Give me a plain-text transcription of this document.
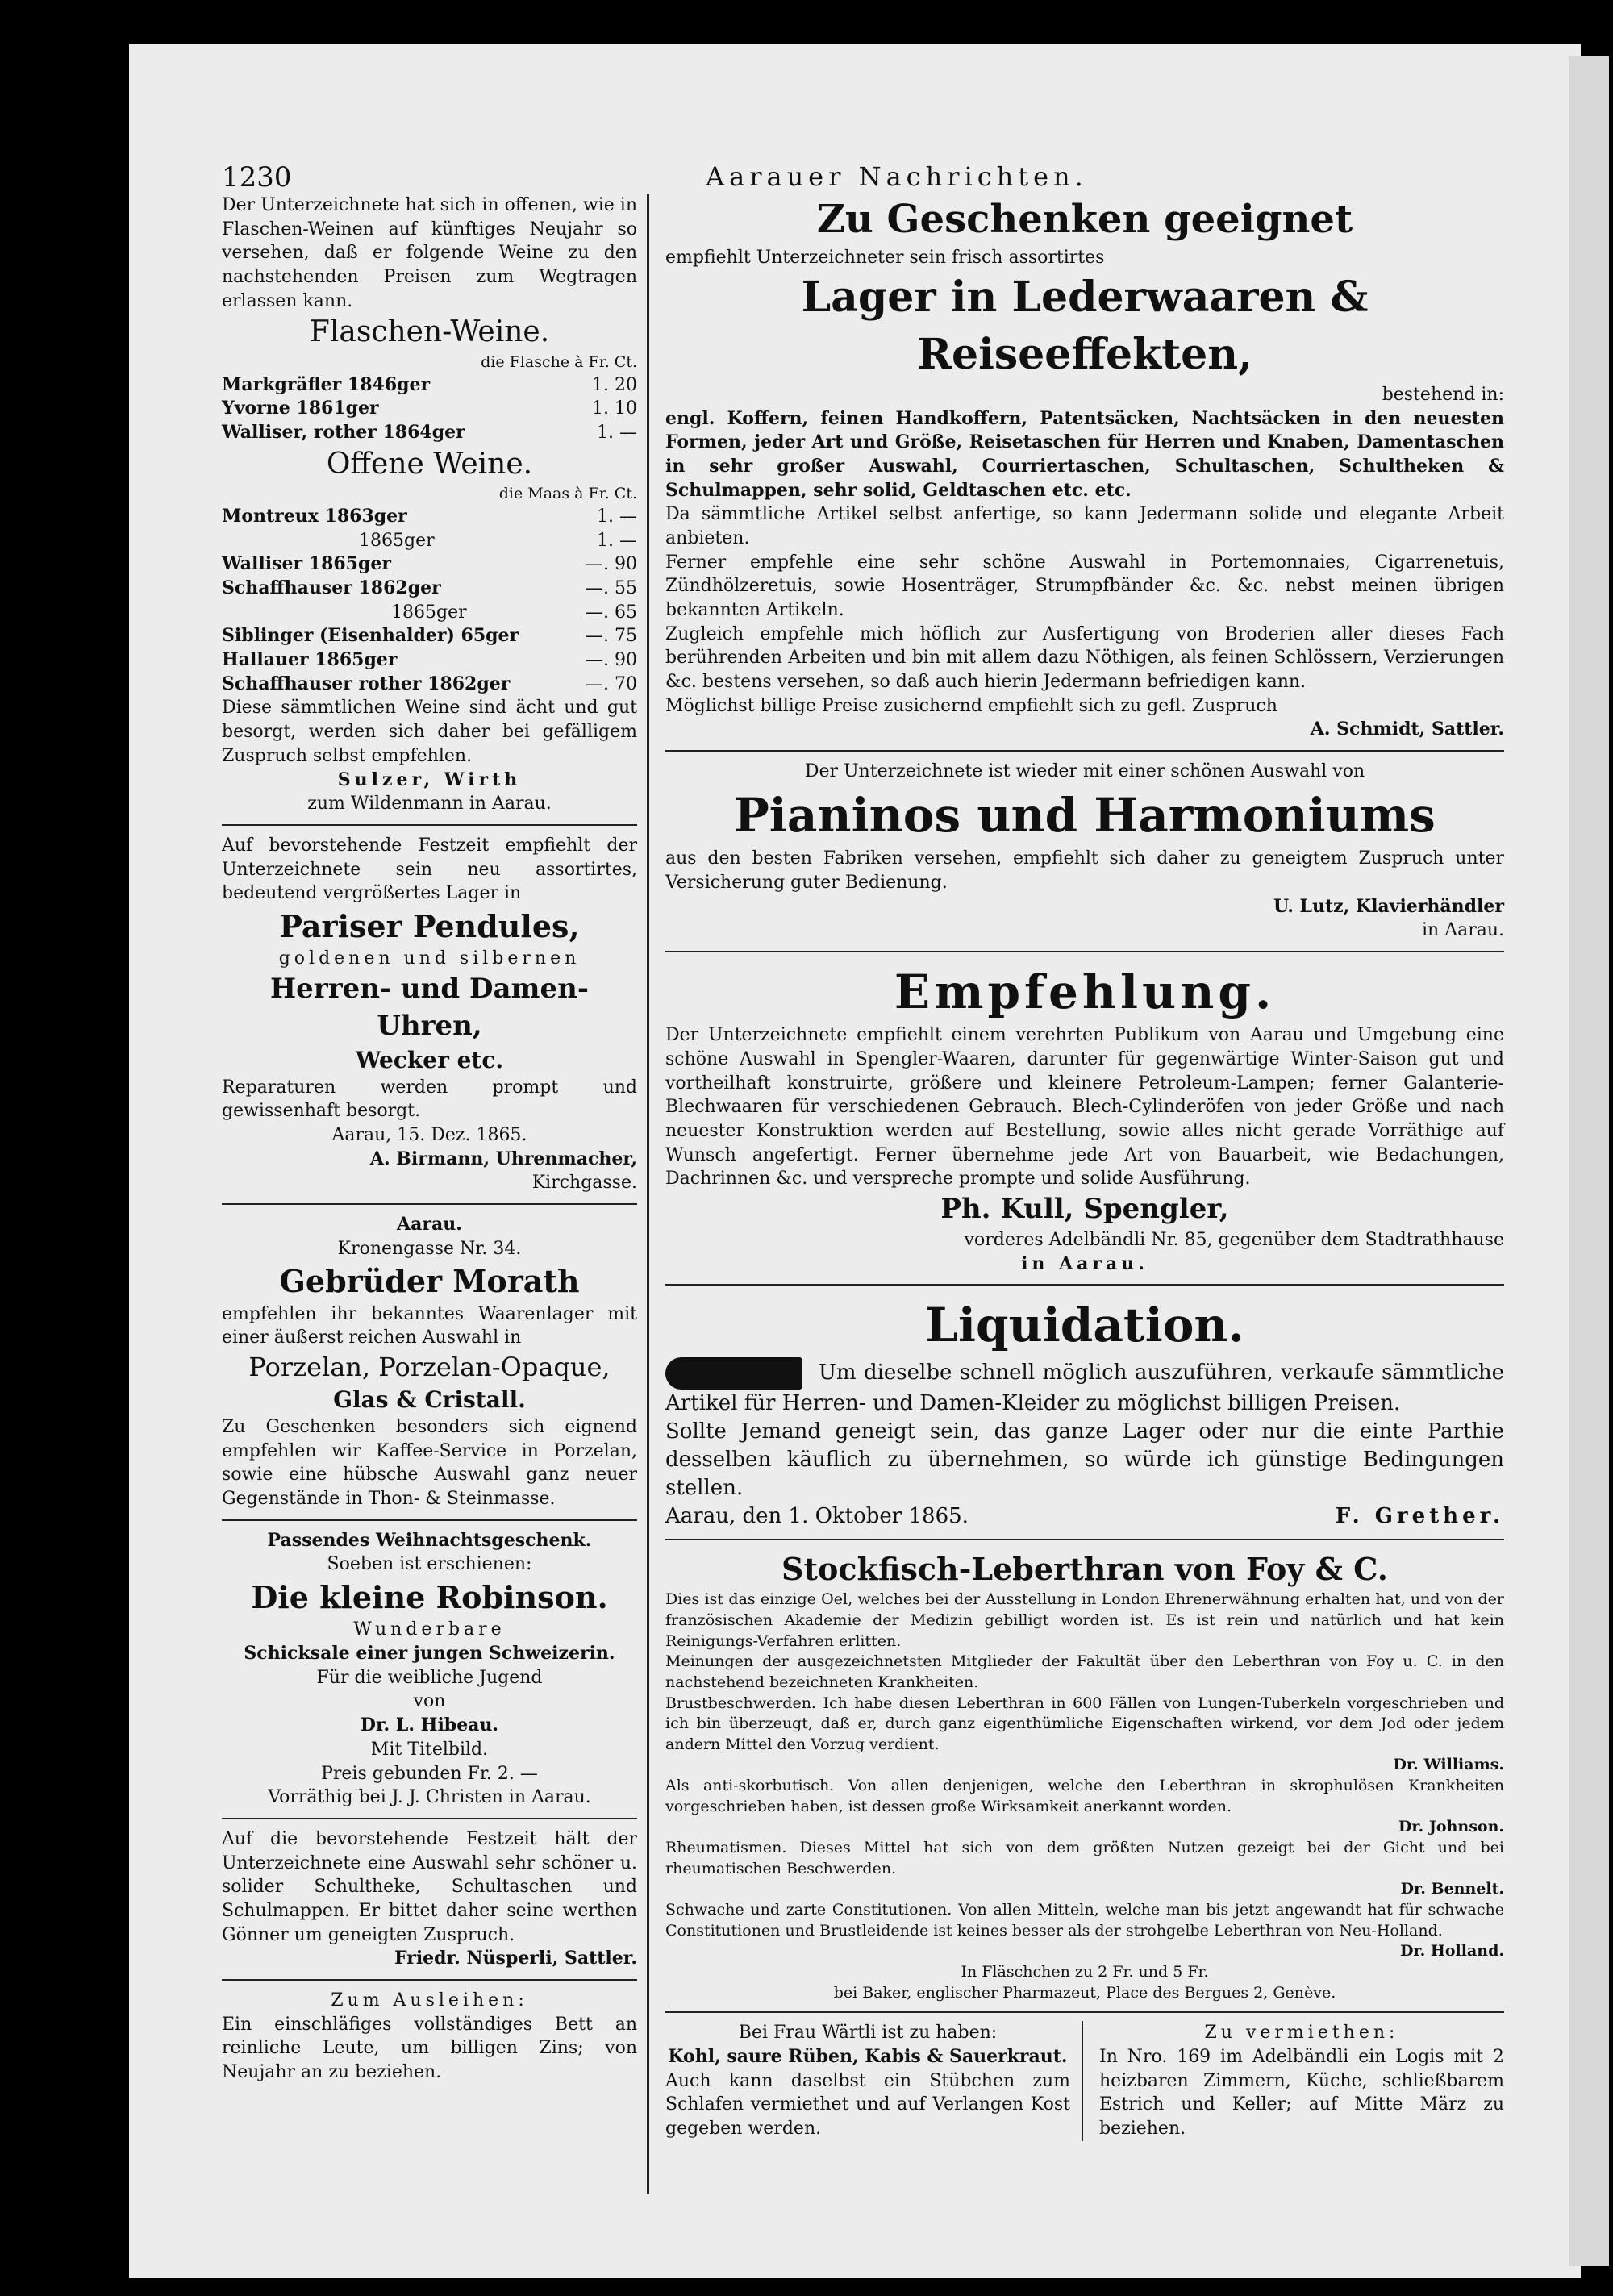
1230	Aarauer Nachrichten.

Der Unterzeichnete hat sich in offenen, wie in Flaschen-Weinen auf künftiges Neujahr so versehen, daß er folgende Weine zu den nachstehenden Preisen zum Wegtragen erlassen kann.

Flaschen-Weine.

die Flasche à Fr. Ct.

Markgräfler 1846ger	1. 20
Yvorne 1861ger	1. 10
Walliser, rother 1864ger	1. —

Offene Weine.

die Maas à Fr. Ct.

Montreux 1863ger	1. —
1865ger	1. —
Walliser 1865ger	—. 90
Schaffhauser 1862ger	—. 55
1865ger	—. 65
Siblinger (Eisenhalder) 65ger	—. 75
Hallauer 1865ger	—. 90
Schaffhauser rother 1862ger	—. 70

Diese sämmtlichen Weine sind ächt und gut besorgt, werden sich daher bei gefälligem Zuspruch selbst empfehlen.

Sulzer, Wirth

zum Wildenmann in Aarau.

Auf bevorstehende Festzeit empfiehlt der Unterzeichnete sein neu assortirtes, bedeutend vergrößertes Lager in

Pariser Pendules,

goldenen und silbernen

Herren- und Damen-Uhren,

Wecker etc.

Reparaturen werden prompt und gewissenhaft besorgt.

Aarau, 15. Dez. 1865.

A. Birmann, Uhrenmacher,

Kirchgasse.

Aarau.

Kronengasse Nr. 34.

Gebrüder Morath

empfehlen ihr bekanntes Waarenlager mit einer äußerst reichen Auswahl in

Porzelan, Porzelan-Opaque,

Glas & Cristall.

Zu Geschenken besonders sich eignend empfehlen wir Kaffee-Service in Porzelan, sowie eine hübsche Auswahl ganz neuer Gegenstände in Thon- & Steinmasse.

Passendes Weihnachtsgeschenk.

Soeben ist erschienen:

Die kleine Robinson.

Wunderbare

Schicksale einer jungen Schweizerin.

Für die weibliche Jugend

von

Dr. L. Hibeau.

Mit Titelbild.

Preis gebunden Fr. 2. —

Vorräthig bei J. J. Christen in Aarau.

Auf die bevorstehende Festzeit hält der Unterzeichnete eine Auswahl sehr schöner u. solider Schultheke, Schultaschen und Schulmappen. Er bittet daher seine werthen Gönner um geneigten Zuspruch.

Friedr. Nüsperli, Sattler.

Zum Ausleihen:

Ein einschläfiges vollständiges Bett an reinliche Leute, um billigen Zins; von Neujahr an zu beziehen.

Zu Geschenken geeignet

empfiehlt Unterzeichneter sein frisch assortirtes

Lager in Lederwaaren & Reiseeffekten,

bestehend in:

engl. Koffern, feinen Handkoffern, Patentsäcken, Nachtsäcken in den neuesten Formen, jeder Art und Größe, Reisetaschen für Herren und Knaben, Damentaschen in sehr großer Auswahl, Courriertaschen, Schultaschen, Schultheken & Schulmappen, sehr solid, Geldtaschen etc. etc.

Da sämmtliche Artikel selbst anfertige, so kann Jedermann solide und elegante Arbeit anbieten.

Ferner empfehle eine sehr schöne Auswahl in Portemonnaies, Cigarrenetuis, Zündhölzeretuis, sowie Hosenträger, Strumpfbänder &c. &c. nebst meinen übrigen bekannten Artikeln.

Zugleich empfehle mich höflich zur Ausfertigung von Broderien aller dieses Fach berührenden Arbeiten und bin mit allem dazu Nöthigen, als feinen Schlössern, Verzierungen &c. bestens versehen, so daß auch hierin Jedermann befriedigen kann.

Möglichst billige Preise zusichernd empfiehlt sich zu gefl. Zuspruch

A. Schmidt, Sattler.

Der Unterzeichnete ist wieder mit einer schönen Auswahl von

Pianinos und Harmoniums

aus den besten Fabriken versehen, empfiehlt sich daher zu geneigtem Zuspruch unter Versicherung guter Bedienung.

U. Lutz, Klavierhändler

in Aarau.

Empfehlung.

Der Unterzeichnete empfiehlt einem verehrten Publikum von Aarau und Umgebung eine schöne Auswahl in Spengler-Waaren, darunter für gegenwärtige Winter-Saison gut und vortheilhaft konstruirte, größere und kleinere Petroleum-Lampen; ferner Galanterie-Blechwaaren für verschiedenen Gebrauch. Blech-Cylinderöfen von jeder Größe und nach neuester Konstruktion werden auf Bestellung, sowie alles nicht gerade Vorräthige auf Wunsch angefertigt. Ferner übernehme jede Art von Bauarbeit, wie Bedachungen, Dachrinnen &c. und verspreche prompte und solide Ausführung.

Ph. Kull, Spengler,

vorderes Adelbändli Nr. 85, gegenüber dem Stadtrathhause

in Aarau.

Liquidation.

Um dieselbe schnell möglich auszuführen, verkaufe sämmtliche Artikel für Herren- und Damen-Kleider zu möglichst billigen Preisen.

Sollte Jemand geneigt sein, das ganze Lager oder nur die einte Parthie desselben käuflich zu übernehmen, so würde ich günstige Bedingungen stellen.

Aarau, den 1. Oktober 1865.	F. Grether.

Stockfisch-Leberthran von Foy & C.

Dies ist das einzige Oel, welches bei der Ausstellung in London Ehrenerwähnung erhalten hat, und von der französischen Akademie der Medizin gebilligt worden ist. Es ist rein und natürlich und hat kein Reinigungs-Verfahren erlitten.

Meinungen der ausgezeichnetsten Mitglieder der Fakultät über den Leberthran von Foy u. C. in den nachstehend bezeichneten Krankheiten.

Brustbeschwerden. Ich habe diesen Leberthran in 600 Fällen von Lungen-Tuberkeln vorgeschrieben und ich bin überzeugt, daß er, durch ganz eigenthümliche Eigenschaften wirkend, vor dem Jod oder jedem andern Mittel den Vorzug verdient.

Dr. Williams.

Als anti-skorbutisch. Von allen denjenigen, welche den Leberthran in skrophulösen Krankheiten vorgeschrieben haben, ist dessen große Wirksamkeit anerkannt worden.

Dr. Johnson.

Rheumatismen. Dieses Mittel hat sich von dem größten Nutzen gezeigt bei der Gicht und bei rheumatischen Beschwerden.

Dr. Bennelt.

Schwache und zarte Constitutionen. Von allen Mitteln, welche man bis jetzt angewandt hat für schwache Constitutionen und Brustleidende ist keines besser als der strohgelbe Leberthran von Neu-Holland.

Dr. Holland.

In Fläschchen zu 2 Fr. und 5 Fr.

bei Baker, englischer Pharmazeut, Place des Bergues 2, Genève.

Bei Frau Wärtli ist zu haben:

Kohl, saure Rüben, Kabis & Sauerkraut.

Auch kann daselbst ein Stübchen zum Schlafen vermiethet und auf Verlangen Kost gegeben werden.

Zu vermiethen:

In Nro. 169 im Adelbändli ein Logis mit 2 heizbaren Zimmern, Küche, schließbarem Estrich und Keller; auf Mitte März zu beziehen.
